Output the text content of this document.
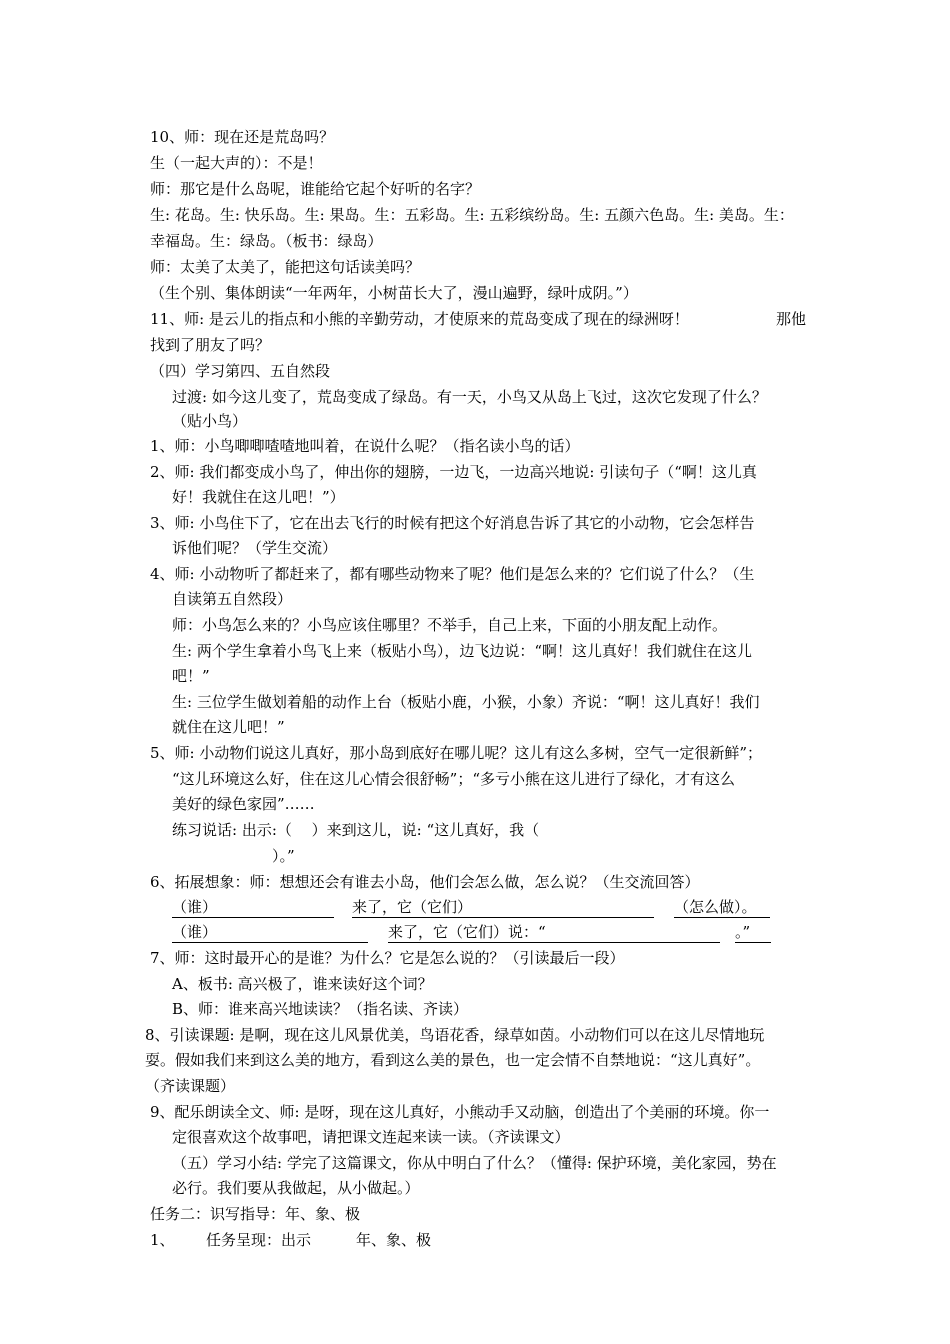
10、师：现在还是荒岛吗？
生（一起大声的）：不是！
师：那它是什么岛呢，谁能给它起个好听的名字？
生: 花岛。生: 快乐岛。生: 果岛。生：五彩岛。生: 五彩缤纷岛。生: 五颜六色岛。生: 美岛。生：
幸福岛。生：绿岛。（板书：绿岛）
师：太美了太美了，能把这句话读美吗？
（生个别、集体朗读“一年两年，小树苗长大了，漫山遍野，绿叶成阴。”）
11、师: 是云儿的指点和小熊的辛勤劳动，才使原来的荒岛变成了现在的绿洲呀！	那他
找到了朋友了吗？
（四）学习第四、五自然段
过渡: 如今这儿变了，荒岛变成了绿岛。有一天，小鸟又从岛上飞过，这次它发现了什么？
（贴小鸟）
1、师：小鸟唧唧喳喳地叫着，在说什么呢？（指名读小鸟的话）
2、师: 我们都变成小鸟了，伸出你的翅膀，一边飞，一边高兴地说: 引读句子（“啊！这儿真
好！我就住在这儿吧！”）
3、师: 小鸟住下了，它在出去飞行的时候有把这个好消息告诉了其它的小动物，它会怎样告
诉他们呢？（学生交流）
4、师: 小动物听了都赶来了，都有哪些动物来了呢？他们是怎么来的？它们说了什么？（生
自读第五自然段）
师：小鸟怎么来的？小鸟应该住哪里？不举手，自己上来，下面的小朋友配上动作。
生: 两个学生拿着小鸟飞上来（板贴小鸟），边飞边说：“啊！这儿真好！我们就住在这儿
吧！”
生: 三位学生做划着船的动作上台（板贴小鹿，小猴，小象）齐说：“啊！这儿真好！我们
就住在这儿吧！”
5、师: 小动物们说这儿真好，那小岛到底好在哪儿呢？这儿有这么多树，空气一定很新鲜”；
“这儿环境这么好，住在这儿心情会很舒畅”；“多亏小熊在这儿进行了绿化，才有这么
美好的绿色家园”……
练习说话: 出示:（　 ）来到这儿，说: “这儿真好，我（
）。”
6、拓展想象：师：想想还会有谁去小岛，他们会怎么做，怎么说？（生交流回答）
（谁）	来了，它（它们）	（怎么做）。
（谁）	来了，它（它们）说：“	。”
7、师：这时最开心的是谁？为什么？它是怎么说的？（引读最后一段）
A、板书: 高兴极了，谁来读好这个词？
B、师：谁来高兴地读读？（指名读、齐读）
8、引读课题: 是啊，现在这儿风景优美，鸟语花香，绿草如茵。小动物们可以在这儿尽情地玩
耍。假如我们来到这么美的地方，看到这么美的景色，也一定会情不自禁地说：“这儿真好”。
（齐读课题）
9、配乐朗读全文、师: 是呀，现在这儿真好，小熊动手又动脑，创造出了个美丽的环境。你一
定很喜欢这个故事吧，请把课文连起来读一读。（齐读课文）
（五）学习小结: 学完了这篇课文，你从中明白了什么？（懂得: 保护环境，美化家园，势在
必行。我们要从我做起，从小做起。）
任务二：识写指导：年、象、极
1、 任务呈现：出示	年、象、极
